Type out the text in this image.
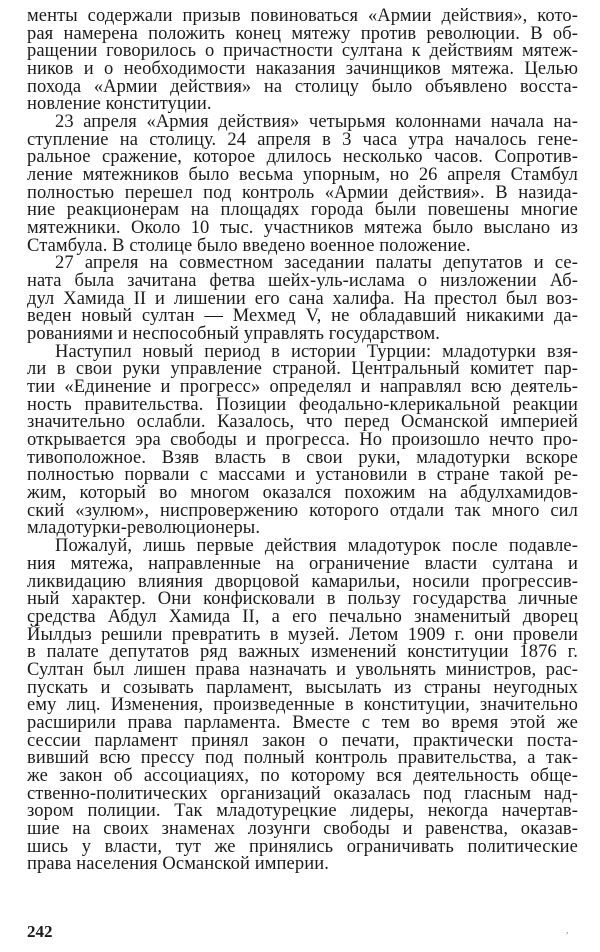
менты содержали призыв повиноваться «Армии действия», кото-
рая намерена положить конец мятежу против революции. В об-
ращении говорилось о причастности султана к действиям мятеж-
ников и о необходимости наказания зачинщиков мятежа. Целью
похода «Армии действия» на столицу было объявлено восста-
новление конституции.
23 апреля «Армия действия» четырьмя колоннами начала на-
ступление на столицу. 24 апреля в 3 часа утра началось гене-
ральное сражение, которое длилось несколько часов. Сопротив-
ление мятежников было весьма упорным, но 26 апреля Стамбул
полностью перешел под контроль «Армии действия». В назида-
ние реакционерам на площадях города были повешены многие
мятежники. Около 10 тыс. участников мятежа было выслано из
Стамбула. В столице было введено военное положение.
27 апреля на совместном заседании палаты депутатов и се-
ната была зачитана фетва шейх-уль-ислама о низложении Аб-
дул Хамида II и лишении его сана халифа. На престол был воз-
веден новый султан — Мехмед V, не обладавший никакими да-
рованиями и неспособный управлять государством.
Наступил новый период в истории Турции: младотурки взя-
ли в свои руки управление страной. Центральный комитет пар-
тии «Единение и прогресс» определял и направлял всю деятель-
ность правительства. Позиции феодально-клерикальной реакции
значительно ослабли. Казалось, что перед Османской империей
открывается эра свободы и прогресса. Но произошло нечто про-
тивоположное. Взяв власть в свои руки, младотурки вскоре
полностью порвали с массами и установили в стране такой ре-
жим, который во многом оказался похожим на абдулхамидов-
ский «зулюм», ниспровержению которого отдали так много сил
младотурки-революционеры.
Пожалуй, лишь первые действия младотурок после подавле-
ния мятежа, направленные на ограничение власти султана и
ликвидацию влияния дворцовой камарильи, носили прогрессив-
ный характер. Они конфисковали в пользу государства личные
средства Абдул Хамида II, а его печально знаменитый дворец
Йылдыз решили превратить в музей. Летом 1909 г. они провели
в палате депутатов ряд важных изменений конституции 1876 г.
Султан был лишен права назначать и увольнять министров, рас-
пускать и созывать парламент, высылать из страны неугодных
ему лиц. Изменения, произведенные в конституции, значительно
расширили права парламента. Вместе с тем во время этой же
сессии парламент принял закон о печати, практически поста-
вивший всю прессу под полный контроль правительства, а так-
же закон об ассоциациях, по которому вся деятельность обще-
ственно-политических организаций оказалась под гласным над-
зором полиции. Так младотурецкие лидеры, некогда начертав-
шие на своих знаменах лозунги свободы и равенства, оказав-
шись у власти, тут же принялись ограничивать политические
права населения Османской империи.
242	,
